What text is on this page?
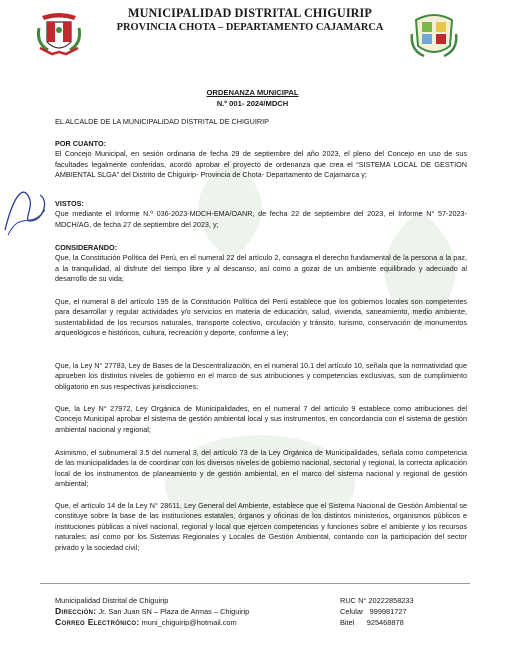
MUNICIPALIDAD DISTRITAL CHIGUIRIP
PROVINCIA CHOTA – DEPARTAMENTO CAJAMARCA
ORDENANZA MUNICIPAL
N.º 001- 2024/MDCH
EL ALCALDE DE LA MUNICIPALIDAD DISTRITAL DE CHIGUIRIP
POR CUANTO:
El Concejo Municipal, en sesión ordinaria de fecha 29 de septiembre del año 2023, el pleno del Concejo en uso de sus facultades legalmente conferidas, acordó aprobar el proyecto de ordenanza que crea el “SISTEMA LOCAL DE GESTION AMBIENTAL SLGA” del Distrito de Chiguirip- Provincia de Chota- Departamento de Cajamarca y;
VISTOS:
Que mediante el Informe N.º 036-2023-MDCH-EMA/OANR, de fecha 22 de septiembre del 2023, el Informe N° 57-2023-MDCH/AG, de fecha 27 de septiembre del 2023, y;
CONSIDERANDO:
Que, la Constitución Política del Perú, en el numeral 22 del artículo 2, consagra el derecho fundamental de la persona a la paz, a la tranquilidad, al disfrute del tiempo libre y al descanso, así como a gozar de un ambiente equilibrado y adecuado al desarrollo de su vida;
Que, el numeral 8 del artículo 195 de la Constitución Política del Perú establece que los gobiernos locales son competentes para desarrollar y regular actividades y/o servicios en materia de educación, salud, vivienda, saneamiento, medio ambiente, sustentabilidad de los recursos naturales, transporte colectivo, circulación y tránsito, turismo, conservación de monumentos arqueológicos e históricos, cultura, recreación y deporte, conforme a ley;
Que, la Ley N° 27783, Ley de Bases de la Descentralización, en el numeral 10.1 del artículo 10, señala que la normatividad que aprueben los distintos niveles de gobierno en el marco de sus atribuciones y competencias exclusivas, son de cumplimiento obligatorio en sus respectivas jurisdicciones;
Que, la Ley N° 27972, Ley Orgánica de Municipalidades, en el numeral 7 del artículo 9 establece como atribuciones del Concejo Municipal aprobar el sistema de gestión ambiental local y sus instrumentos, en concordancia con el sistema de gestión ambiental nacional y regional;
Asimismo, el subnumeral 3.5 del numeral 3, del artículo 73 de la Ley Orgánica de Municipalidades, señala como competencia de las municipalidades la de coordinar con los diversos niveles de gobierno nacional, sectorial y regional, la correcta aplicación local de los instrumentos de planeamiento y de gestión ambiental, en el marco del sistema nacional y regional de gestión ambiental;
Que, el artículo 14 de la Ley N° 28611, Ley General del Ambiente, establece que el Sistema Nacional de Gestión Ambiental se constituye sobre la base de las instituciones estatales, órganos y oficinas de los distintos ministerios, organismos públicos e instituciones públicas a nivel nacional, regional y local que ejercen competencias y funciones sobre el ambiente y los recursos naturales; así como por los Sistemas Regionales y Locales de Gestión Ambiental, contando con la participación del sector privado y la sociedad civil;
Municipalidad Distrital de Chiguirip
Dirección: Jr. San Juan SN – Plaza de Armas – Chiguirip
Correo Electrónico: muni_chiguirip@hotmail.com
RUC N° 20222858233
Celular 999981727
Bitel 925468878
